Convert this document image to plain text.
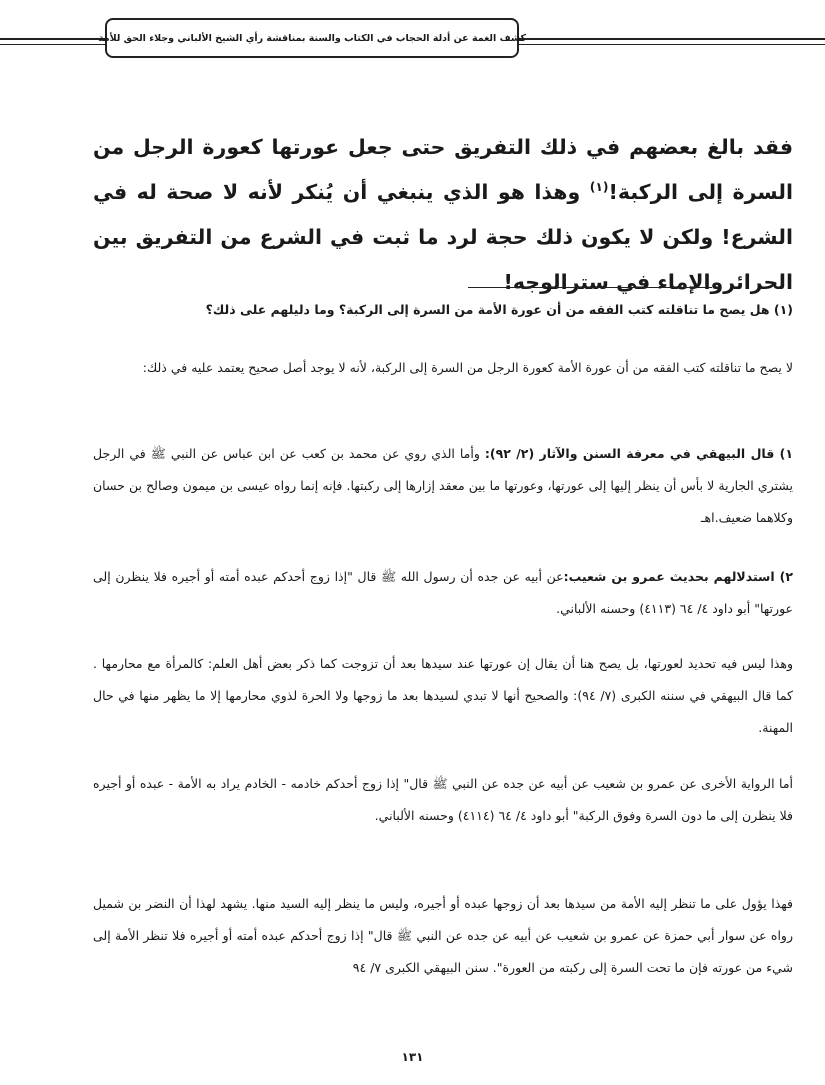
كشف الغمة عن أدلة الحجاب في الكتاب والسنة بمناقشة رأي الشيخ الألباني وجلاء الحق للأمة

فقد بالغ بعضهم في ذلك التفريق حتى جعل عورتها كعورة الرجل من السرة إلى الركبة!$^{(١)}$ وهذا هو الذي ينبغي أن يُنكر لأنه لا صحة له في الشرع! ولكن لا يكون ذلك حجة لرد ما ثبت في الشرع من التفريق بين الحرائروالإماء في سترالوجه!

(١) هل يصح ما تناقلته كتب الفقه من أن عورة الأمة من السرة إلى الركبة؟ وما دليلهم على ذلك؟

لا يصح ما تناقلته كتب الفقه من أن عورة الأمة كعورة الرجل من السرة إلى الركبة، لأنه لا يوجد أصل صحيح يعتمد عليه في ذلك:

١) قال البيهقي في معرفة السنن والآثار (٢/ ٩٢): وأما الذي روي عن محمد بن كعب عن ابن عباس عن النبي ﷺ في الرجل يشتري الجارية لا بأس أن ينظر إليها إلى عورتها، وعورتها ما بين معقد إزارها إلى ركبتها. فإنه إنما رواه عيسى بن ميمون وصالح بن حسان وكلاهما ضعيف.اهـ

٢) استدلالهم بحديث عمرو بن شعيب:عن أبيه عن جده أن رسول الله ﷺ قال "إذا زوج أحدكم عبده أمته أو أجيره فلا ينظرن إلى عورتها" أبو داود ٤/ ٦٤ (٤١١٣) وحسنه الألباني.

وهذا ليس فيه تحديد لعورتها، بل يصح هنا أن يقال إن عورتها عند سيدها بعد أن تزوجت كما ذكر بعض أهل العلم: كالمرأة مع محارمها . كما قال البيهقي في سننه الكبرى (٧/ ٩٤): والصحيح أنها لا تبدي لسيدها بعد ما زوجها ولا الحرة لذوي محارمها إلا ما يظهر منها في حال المهنة.

أما الرواية الأخرى عن عمرو بن شعيب عن أبيه عن جده عن النبي ﷺ قال" إذا زوج أحدكم خادمه - الخادم يراد به الأمة - عبده أو أجيره فلا ينظرن إلى ما دون السرة وفوق الركبة" أبو داود ٤/ ٦٤ (٤١١٤) وحسنه الألباني.

فهذا يؤول على ما تنظر إليه الأمة من سيدها بعد أن زوجها عبده أو أجيره، وليس ما ينظر إليه السيد منها. يشهد لهذا أن النضر بن شميل رواه عن سوار أبي حمزة عن عمرو بن شعيب عن أبيه عن جده عن النبي ﷺ قال" إذا زوج أحدكم عبده أمته أو أجيره فلا تنظر الأمة إلى شيء من عورته فإن ما تحت السرة إلى ركبته من العورة". سنن البيهقي الكبرى ٧/ ٩٤

١٣١
